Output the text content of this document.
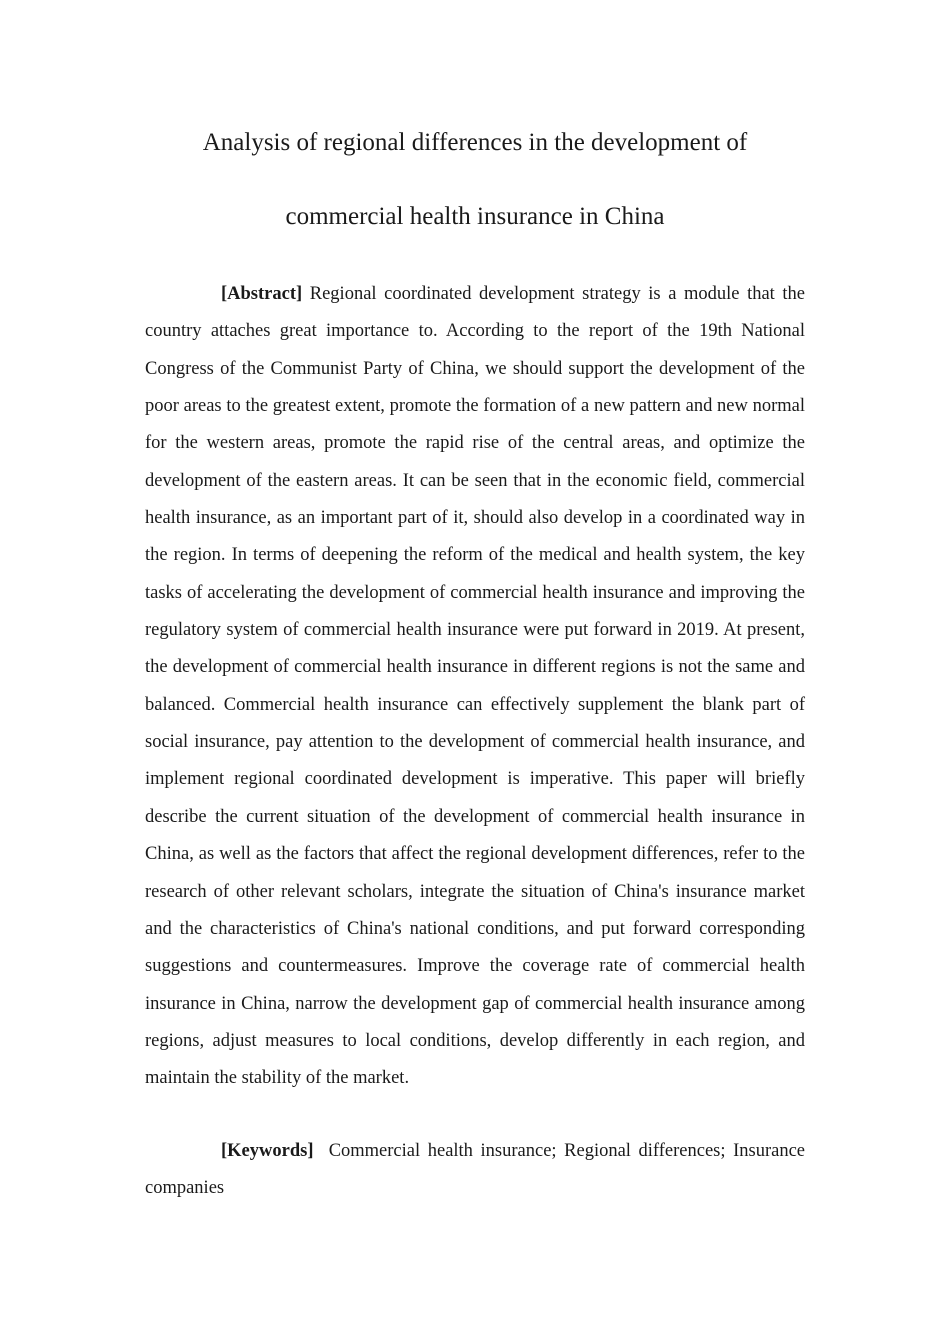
Analysis of regional differences in the development of
commercial health insurance in China

[Abstract] Regional coordinated development strategy is a module that the country attaches great importance to. According to the report of the 19th National Congress of the Communist Party of China, we should support the development of the poor areas to the greatest extent, promote the formation of a new pattern and new normal for the western areas, promote the rapid rise of the central areas, and optimize the development of the eastern areas. It can be seen that in the economic field, commercial health insurance, as an important part of it, should also develop in a coordinated way in the region. In terms of deepening the reform of the medical and health system, the key tasks of accelerating the development of commercial health insurance and improving the regulatory system of commercial health insurance were put forward in 2019. At present, the development of commercial health insurance in different regions is not the same and balanced. Commercial health insurance can effectively supplement the blank part of social insurance, pay attention to the development of commercial health insurance, and implement regional coordinated development is imperative. This paper will briefly describe the current situation of the development of commercial health insurance in China, as well as the factors that affect the regional development differences, refer to the research of other relevant scholars, integrate the situation of China's insurance market and the characteristics of China's national conditions, and put forward corresponding suggestions and countermeasures. Improve the coverage rate of commercial health insurance in China, narrow the development gap of commercial health insurance among regions, adjust measures to local conditions, develop differently in each region, and maintain the stability of the market.

[Keywords] Commercial health insurance; Regional differences; Insurance companies
